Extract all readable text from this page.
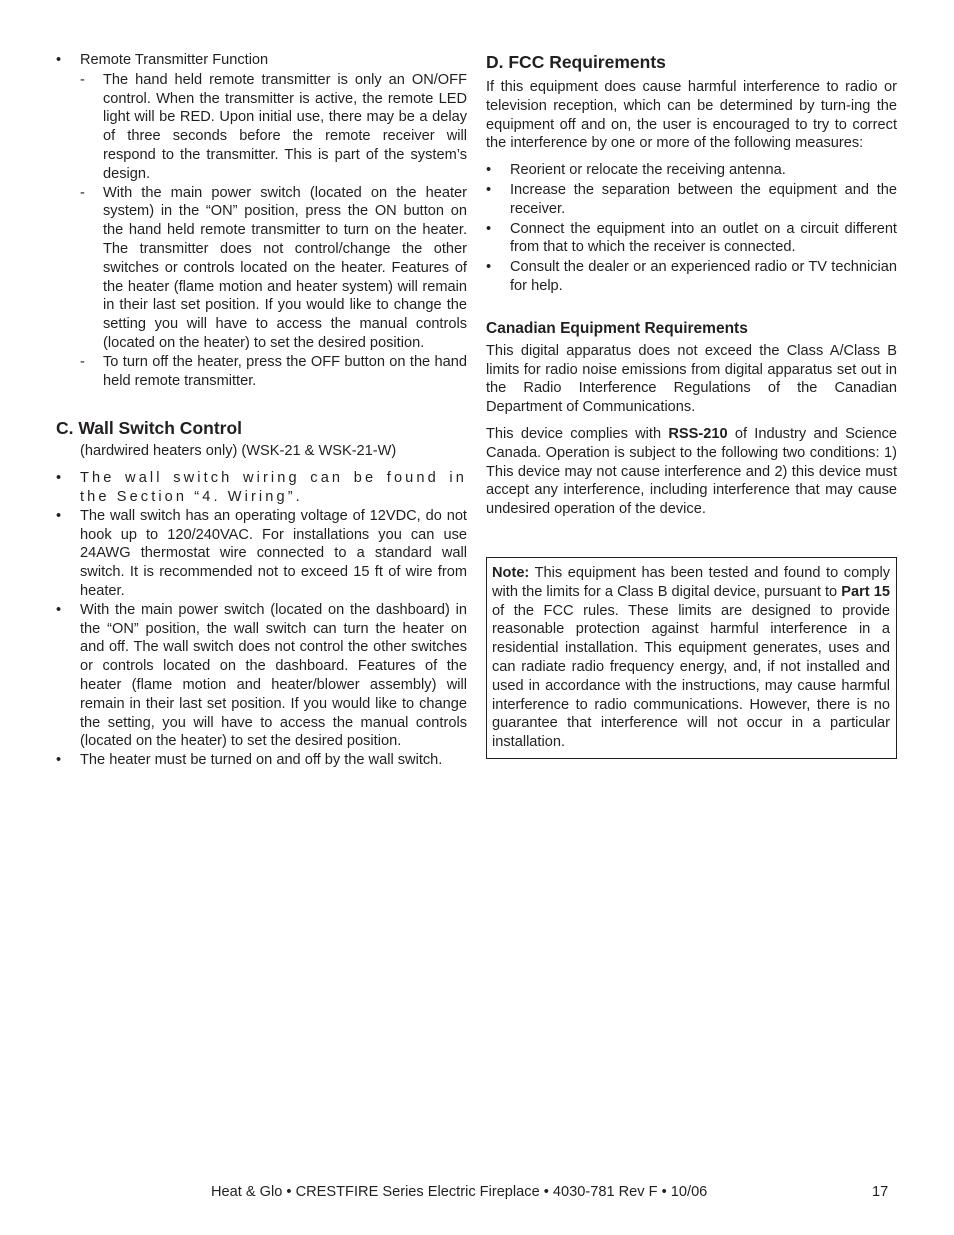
• Remote Transmitter Function
- The hand held remote transmitter is only an ON/OFF control. When the transmitter is active, the remote LED light will be RED. Upon initial use, there may be a delay of three seconds before the remote receiver will respond to the transmitter. This is part of the system’s design.
- With the main power switch (located on the heater system) in the “ON” position, press the ON button on the hand held remote transmitter to turn on the heater. The transmitter does not control/change the other switches or controls located on the heater. Features of the heater (flame motion and heater system) will remain in their last set position. If you would like to change the setting you will have to access the manual controls (located on the heater) to set the desired position.
- To turn off the heater, press the OFF button on the hand held remote transmitter.
C. Wall Switch Control

(hardwired heaters only) (WSK-21 & WSK-21-W)

• The wall switch wiring can be found in the Section “4. Wiring”.
• The wall switch has an operating voltage of 12VDC, do not hook up to 120/240VAC. For installations you can use 24AWG thermostat wire connected to a standard wall switch. It is recommended not to exceed 15 ft of wire from heater.
• With the main power switch (located on the dashboard) in the “ON” position, the wall switch can turn the heater on and off. The wall switch does not control the other switches or controls located on the dashboard. Features of the heater (flame motion and heater/blower assembly) will remain in their last set position. If you would like to change the setting, you will have to access the manual controls (located on the heater) to set the desired position.
• The heater must be turned on and off by the wall switch.
D. FCC Requirements

If this equipment does cause harmful interference to radio or television reception, which can be determined by turn-ing the equipment off and on, the user is encouraged to try to correct the interference by one or more of the following measures:

• Reorient or relocate the receiving antenna.
• Increase the separation between the equipment and the receiver.
• Connect the equipment into an outlet on a circuit different from that to which the receiver is connected.
• Consult the dealer or an experienced radio or TV technician for help.
Canadian Equipment Requirements

This digital apparatus does not exceed the Class A/Class B limits for radio noise emissions from digital apparatus set out in the Radio Interference Regulations of the Canadian Department of Communications.

This device complies with RSS-210 of Industry and Science Canada. Operation is subject to the following two conditions: 1) This device may not cause interference and 2) this device must accept any interference, including interference that may cause undesired operation of the device.

Note: This equipment has been tested and found to comply with the limits for a Class B digital device, pursuant to Part 15 of the FCC rules. These limits are designed to provide reasonable protection against harmful interference in a residential installation. This equipment generates, uses and can radiate radio frequency energy, and, if not installed and used in accordance with the instructions, may cause harmful interference to radio communications. However, there is no guarantee that interference will not occur in a particular installation.

Heat & Glo • CRESTFIRE Series Electric Fireplace • 4030-781 Rev F • 10/06	17
